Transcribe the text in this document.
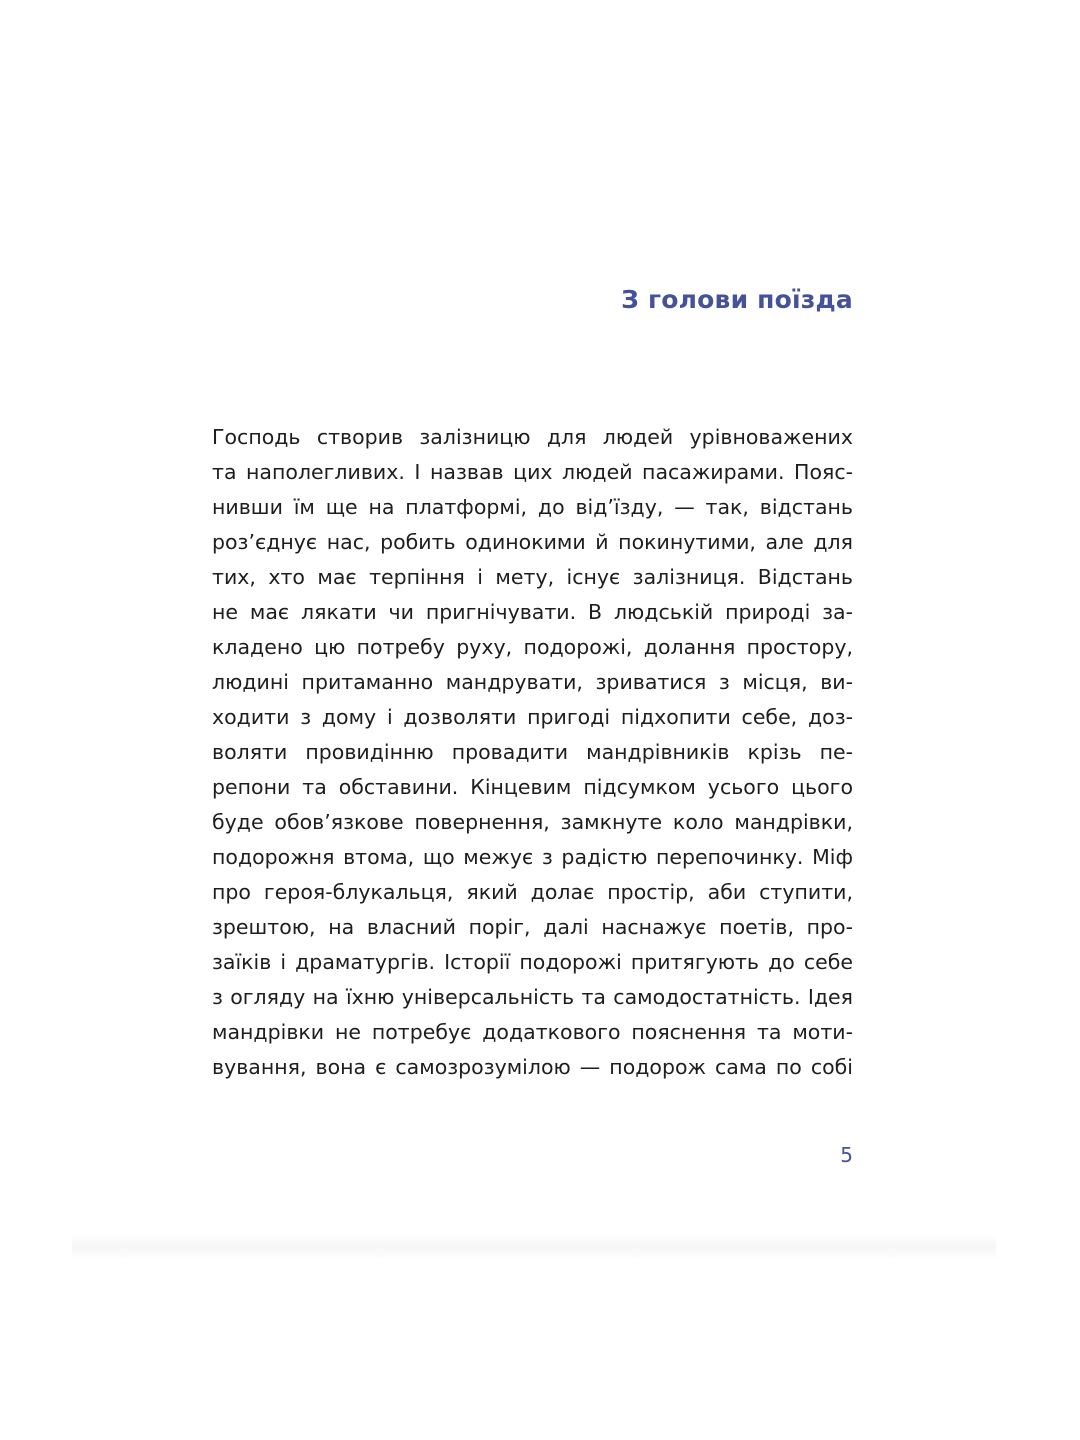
З голови поїзда
Господь створив залізницю для людей урівноважених
та наполегливих. І назвав цих людей пасажирами. Пояс-
нивши їм ще на платформі, до від’їзду, — так, відстань
роз’єднує нас, робить одинокими й покинутими, але для
тих, хто має терпіння і мету, існує залізниця. Відстань
не має лякати чи пригнічувати. В людській природі за-
кладено цю потребу руху, подорожі, долання простору,
людині притаманно мандрувати, зриватися з місця, ви-
ходити з дому і дозволяти пригоді підхопити себе, доз-
воляти провидінню провадити мандрівників крізь пе-
репони та обставини. Кінцевим підсумком усього цього
буде обов’язкове повернення, замкнуте коло мандрівки,
подорожня втома, що межує з радістю перепочинку. Міф
про героя-блукальця, який долає простір, аби ступити,
зрештою, на власний поріг, далі наснажує поетів, про-
заїків і драматургів. Історії подорожі притягують до себе
з огляду на їхню універсальність та самодостатність. Ідея
мандрівки не потребує додаткового пояснення та моти-
вування, вона є самозрозумілою — подорож сама по собі
5
